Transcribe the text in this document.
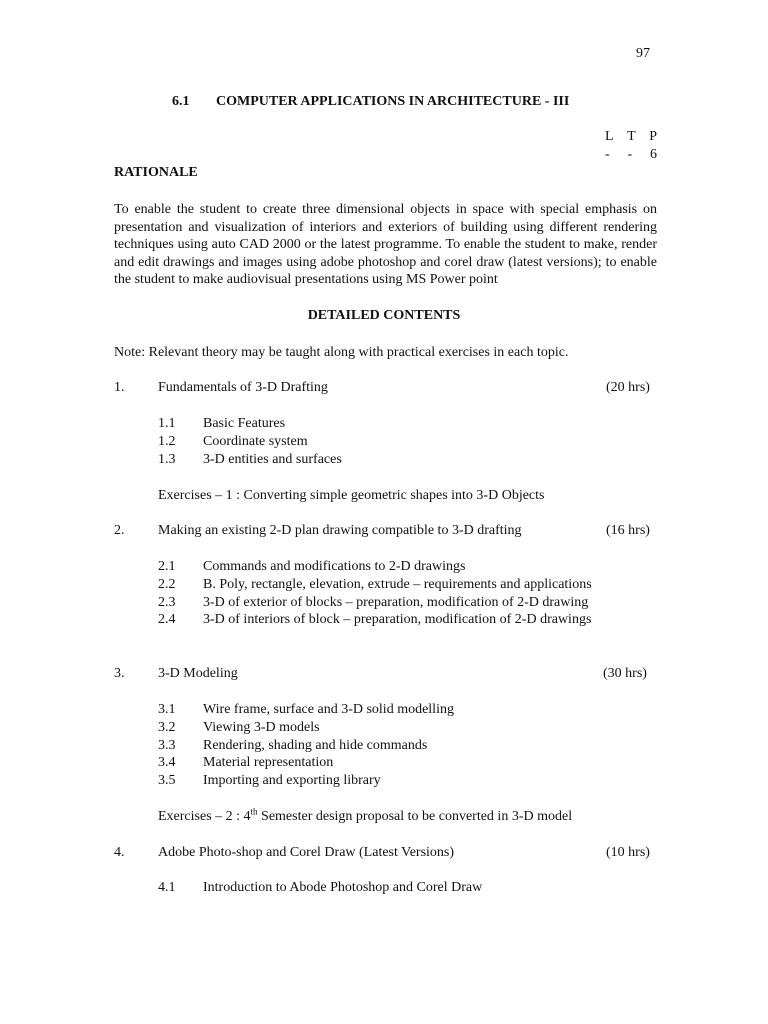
97
6.1 COMPUTER APPLICATIONS IN ARCHITECTURE - III
L T P
- - 6
RATIONALE
To enable the student to create three dimensional objects in space with special emphasis on presentation and visualization of interiors and exteriors of building using different rendering techniques using auto CAD 2000 or the latest programme. To enable the student to make, render and edit drawings and images using adobe photoshop and corel draw (latest versions); to enable the student to make audiovisual presentations using MS Power point
DETAILED CONTENTS
Note: Relevant theory may be taught along with practical exercises in each topic.
1. Fundamentals of 3-D Drafting	(20 hrs)
1.1 Basic Features
1.2 Coordinate system
1.3 3-D entities and surfaces
Exercises – 1 : Converting simple geometric shapes into 3-D Objects
2. Making an existing 2-D plan drawing compatible to 3-D drafting	(16 hrs)
2.1 Commands and modifications to 2-D drawings
2.2 B. Poly, rectangle, elevation, extrude – requirements and applications
2.3 3-D of exterior of blocks – preparation, modification of 2-D drawing
2.4 3-D of interiors of block – preparation, modification of 2-D drawings
3. 3-D Modeling	(30 hrs)
3.1 Wire frame, surface and 3-D solid modelling
3.2 Viewing 3-D models
3.3 Rendering, shading and hide commands
3.4 Material representation
3.5 Importing and exporting library
Exercises – 2 : 4th Semester design proposal to be converted in 3-D model
4. Adobe Photo-shop and Corel Draw (Latest Versions)	(10 hrs)
4.1 Introduction to Abode Photoshop and Corel Draw
